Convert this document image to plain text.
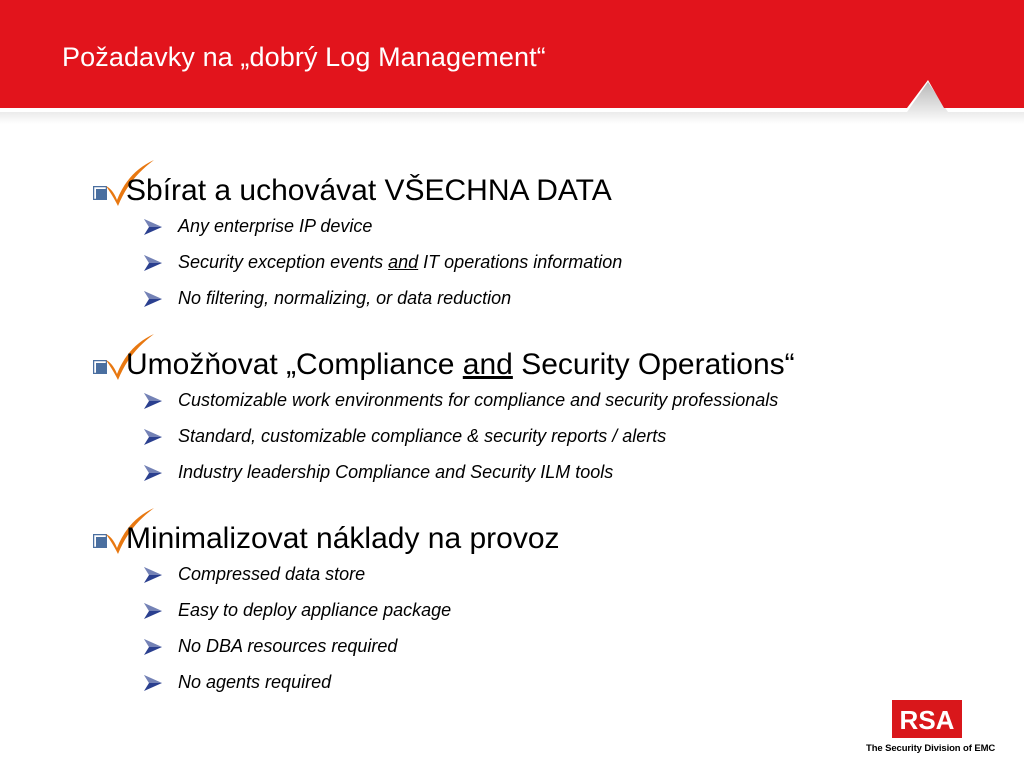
Požadavky na „dobrý Log Management“
Sbírat a uchovávat VŠECHNA DATA
Any enterprise IP device
Security exception events and IT operations information
No filtering, normalizing, or data reduction
Umožňovat „Compliance and Security Operations“
Customizable work environments for compliance and security professionals
Standard, customizable compliance & security reports / alerts
Industry leadership Compliance and Security ILM tools
Minimalizovat náklady na provoz
Compressed data store
Easy to deploy appliance package
No DBA resources required
No agents required
RSA
The Security Division of EMC
